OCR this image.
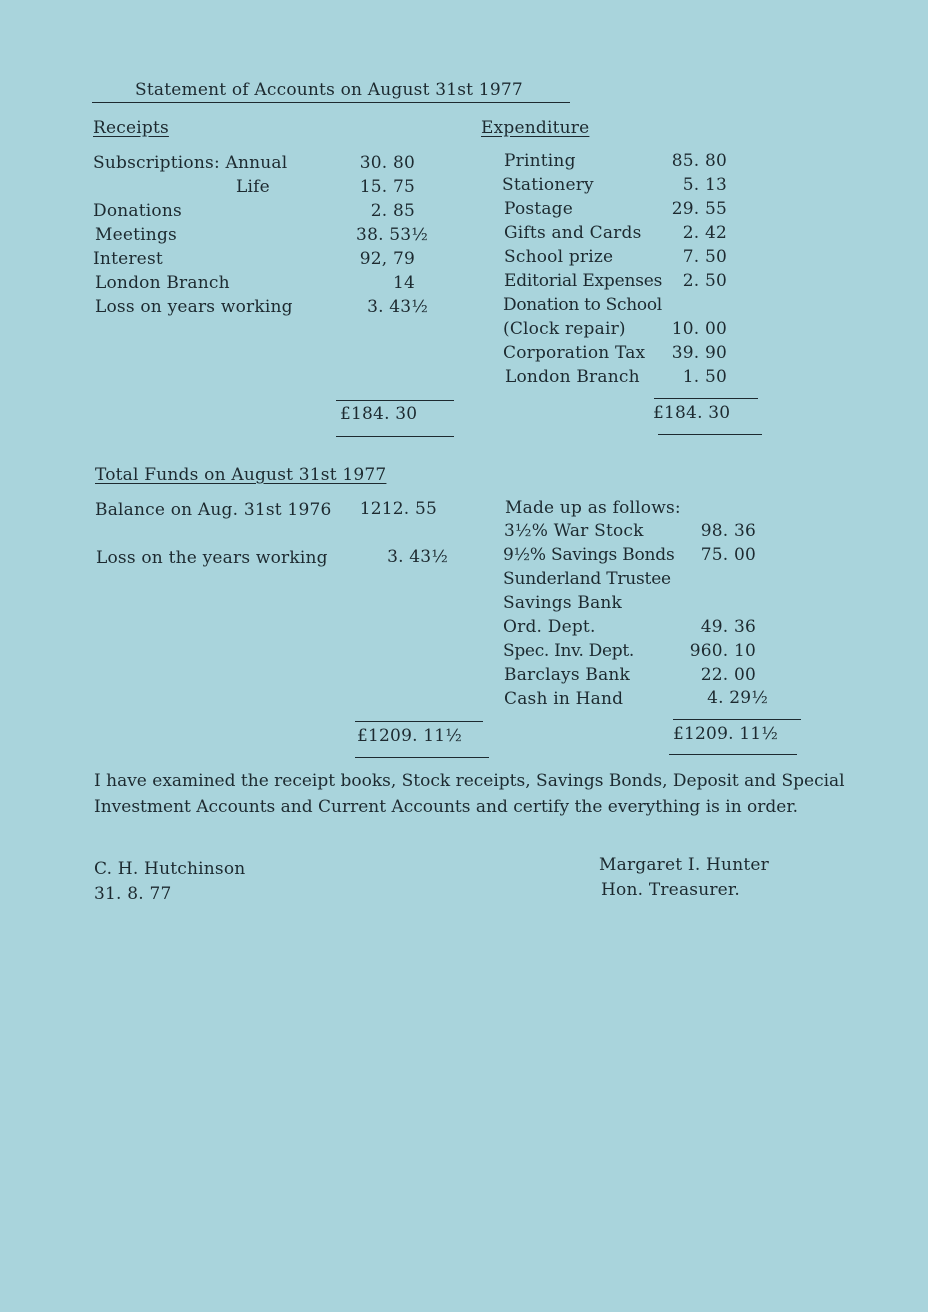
Statement of Accounts on August 31st 1977
Receipts
Subscriptions: Annual
Life
Donations
Meetings
Interest
London Branch
Loss on years working
30. 80
15. 75
2. 85
38. 53½
92, 79
14
3. 43½
£184. 30
Expenditure
Printing
Stationery
Postage
Gifts and Cards
School prize
Editorial Expenses
Donation to School
(Clock repair)
Corporation Tax
London Branch
85. 80
5. 13
29. 55
2. 42
7. 50
2. 50
10. 00
39. 90
1. 50
£184. 30
Total Funds on August 31st 1977
Balance on Aug. 31st 1976 1212. 55
Loss on the years working	3. 43½
£1209. 11½
Made up as follows:
3½% War Stock
9½% Savings Bonds
Sunderland Trustee
Savings Bank
Ord. Dept.
Spec. Inv. Dept.
Barclays Bank
Cash in Hand
98. 36
75. 00
49. 36
960. 10
22. 00
4. 29½
£1209. 11½
I have examined the receipt books, Stock receipts, Savings Bonds, Deposit and Special Investment Accounts and Current Accounts and certify the everything is in order.
C. H. Hutchinson
31. 8. 77
Margaret I. Hunter
Hon. Treasurer.
